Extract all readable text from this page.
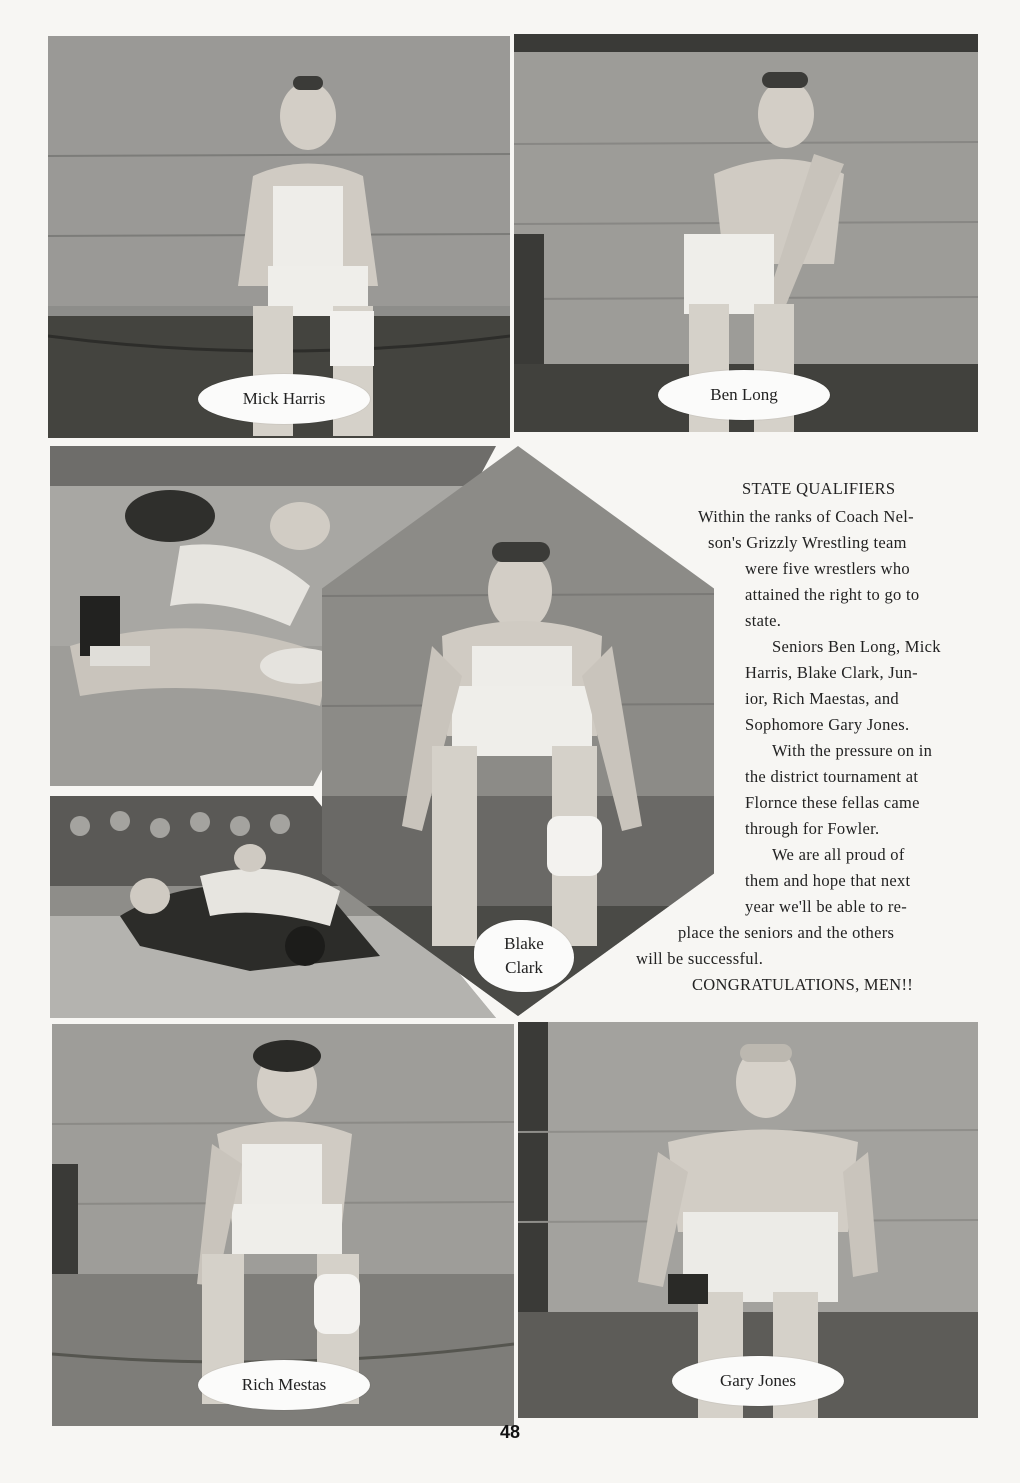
Mick Harris	Ben Long
Blake
Clark
STATE QUALIFIERS
Within the ranks of Coach Nel-
son's Grizzly Wrestling team
were five wrestlers who
attained the right to go to
state.
Seniors Ben Long, Mick
Harris, Blake Clark, Jun-
ior, Rich Maestas, and
Sophomore Gary Jones.
With the pressure on in
the district tournament at
Flornce these fellas came
through for Fowler.
We are all proud of
them and hope that next
year we'll be able to re-
place the seniors and the others
will be successful.
CONGRATULATIONS, MEN!!
Rich Mestas	Gary Jones
48
